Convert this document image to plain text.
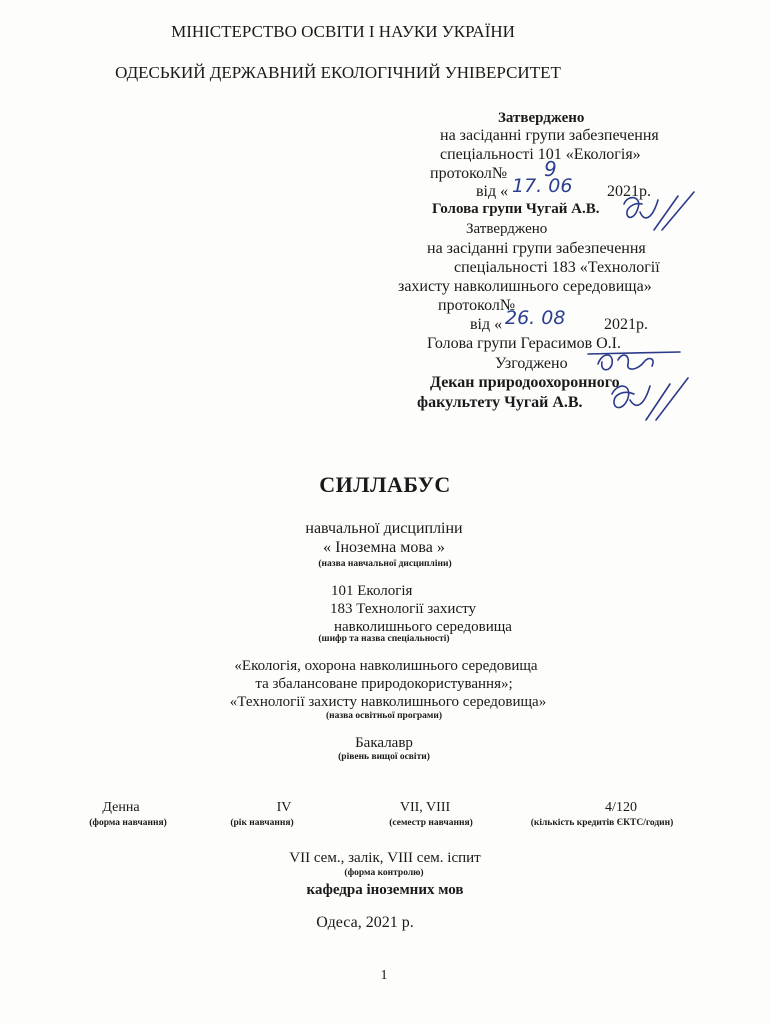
МІНІСТЕРСТВО ОСВІТИ І НАУКИ УКРАЇНИ
ОДЕСЬКИЙ ДЕРЖАВНИЙ ЕКОЛОГІЧНИЙ УНІВЕРСИТЕТ
Затверджено
на засіданні групи забезпечення
спеціальності 101 «Екологія»
протокол№ 9
від « 17. 06 2021р.
Голова групи Чугай А.В.
Затверджено
на засіданні групи забезпечення
спеціальності 183 «Технології
захисту навколишнього середовища»
протокол№
від « 26. 08 2021р.
Голова групи Герасимов О.І.
Узгоджено
Декан природоохоронного
факультету Чугай А.В.
СИЛЛАБУС
навчальної дисципліни
« Іноземна мова »
(назва навчальної дисципліни)
101 Екологія
183 Технології захисту
навколишнього середовища
(шифр та назва спеціальності)
«Екологія, охорона навколишнього середовища
та збалансоване природокористування»;
«Технології захисту навколишнього середовища»
(назва освітньої програми)
Бакалавр
(рівень вищої освіти)
Денна
(форма навчання)
IV
(рік навчання)
VII, VIII
(семестр навчання)
4/120
(кількість кредитів ЄКТС/годин)
VII сем., залік, VIII сем. іспит
(форма контролю)
кафедра іноземних мов
Одеса, 2021 р.
1
